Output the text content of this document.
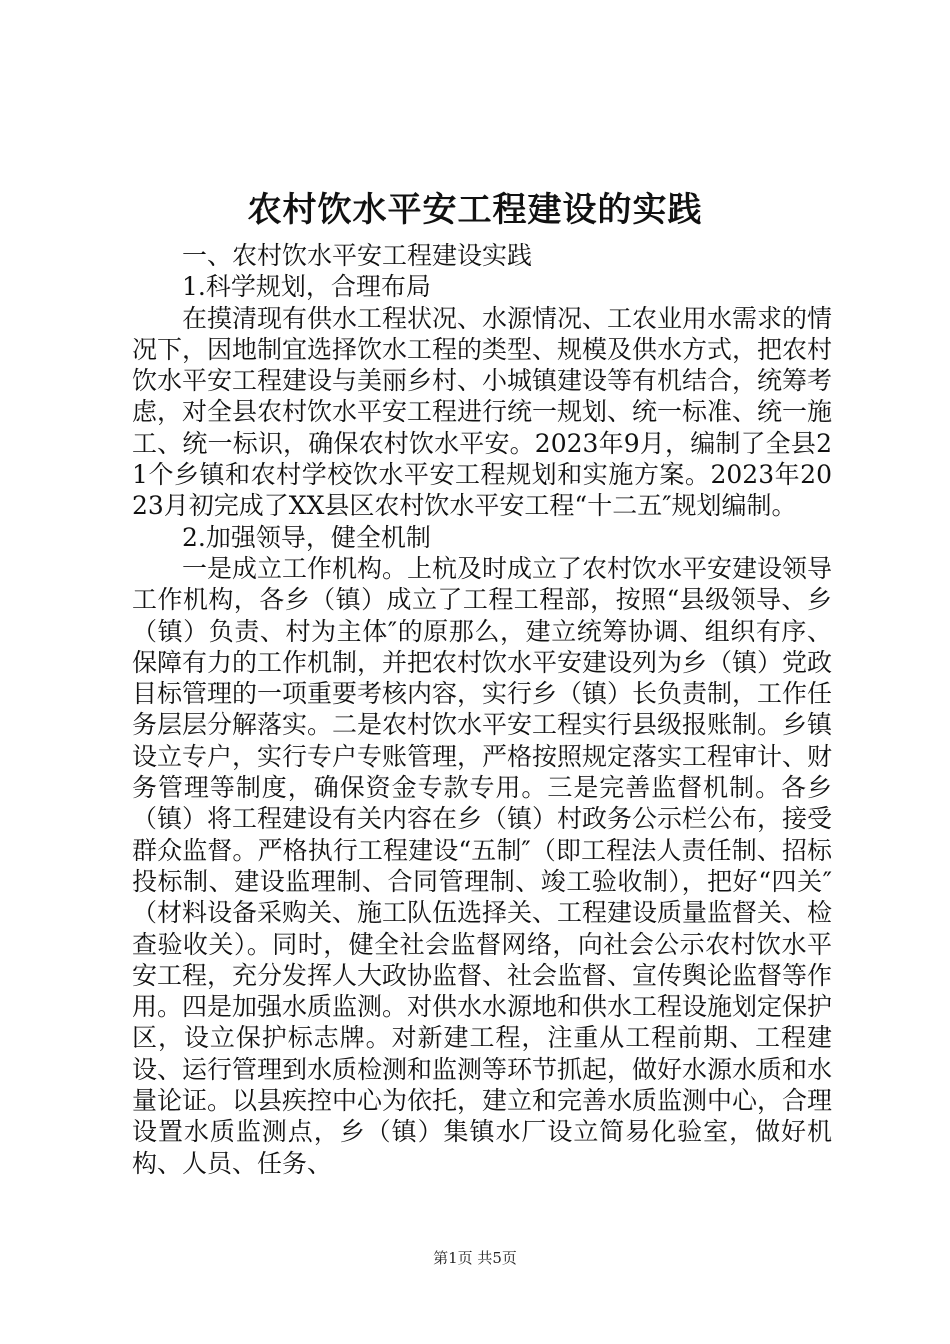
农村饮水平安工程建设的实践

一、农村饮水平安工程建设实践

1.科学规划，合理布局

在摸清现有供水工程状况、水源情况、工农业用水需求的情况下，因地制宜选择饮水工程的类型、规模及供水方式，把农村饮水平安工程建设与美丽乡村、小城镇建设等有机结合，统筹考虑，对全县农村饮水平安工程进行统一规划、统一标准、统一施工、统一标识，确保农村饮水平安。2023年9月，编制了全县21个乡镇和农村学校饮水平安工程规划和实施方案。2023年2023月初完成了XX县区农村饮水平安工程“十二五″规划编制。

2.加强领导，健全机制

一是成立工作机构。上杭及时成立了农村饮水平安建设领导工作机构，各乡（镇）成立了工程工程部，按照“县级领导、乡（镇）负责、村为主体″的原那么，建立统筹协调、组织有序、保障有力的工作机制，并把农村饮水平安建设列为乡（镇）党政目标管理的一项重要考核内容，实行乡（镇）长负责制，工作任务层层分解落实。二是农村饮水平安工程实行县级报账制。乡镇设立专户，实行专户专账管理，严格按照规定落实工程审计、财务管理等制度，确保资金专款专用。三是完善监督机制。各乡（镇）将工程建设有关内容在乡（镇）村政务公示栏公布，接受群众监督。严格执行工程建设“五制″（即工程法人责任制、招标投标制、建设监理制、合同管理制、竣工验收制），把好“四关″（材料设备采购关、施工队伍选择关、工程建设质量监督关、检查验收关）。同时，健全社会监督网络，向社会公示农村饮水平安工程，充分发挥人大政协监督、社会监督、宣传舆论监督等作用。四是加强水质监测。对供水水源地和供水工程设施划定保护区，设立保护标志牌。对新建工程，注重从工程前期、工程建设、运行管理到水质检测和监测等环节抓起，做好水源水质和水量论证。以县疾控中心为依托，建立和完善水质监测中心，合理设置水质监测点，乡（镇）集镇水厂设立简易化验室，做好机构、人员、任务、

第1页 共5页
